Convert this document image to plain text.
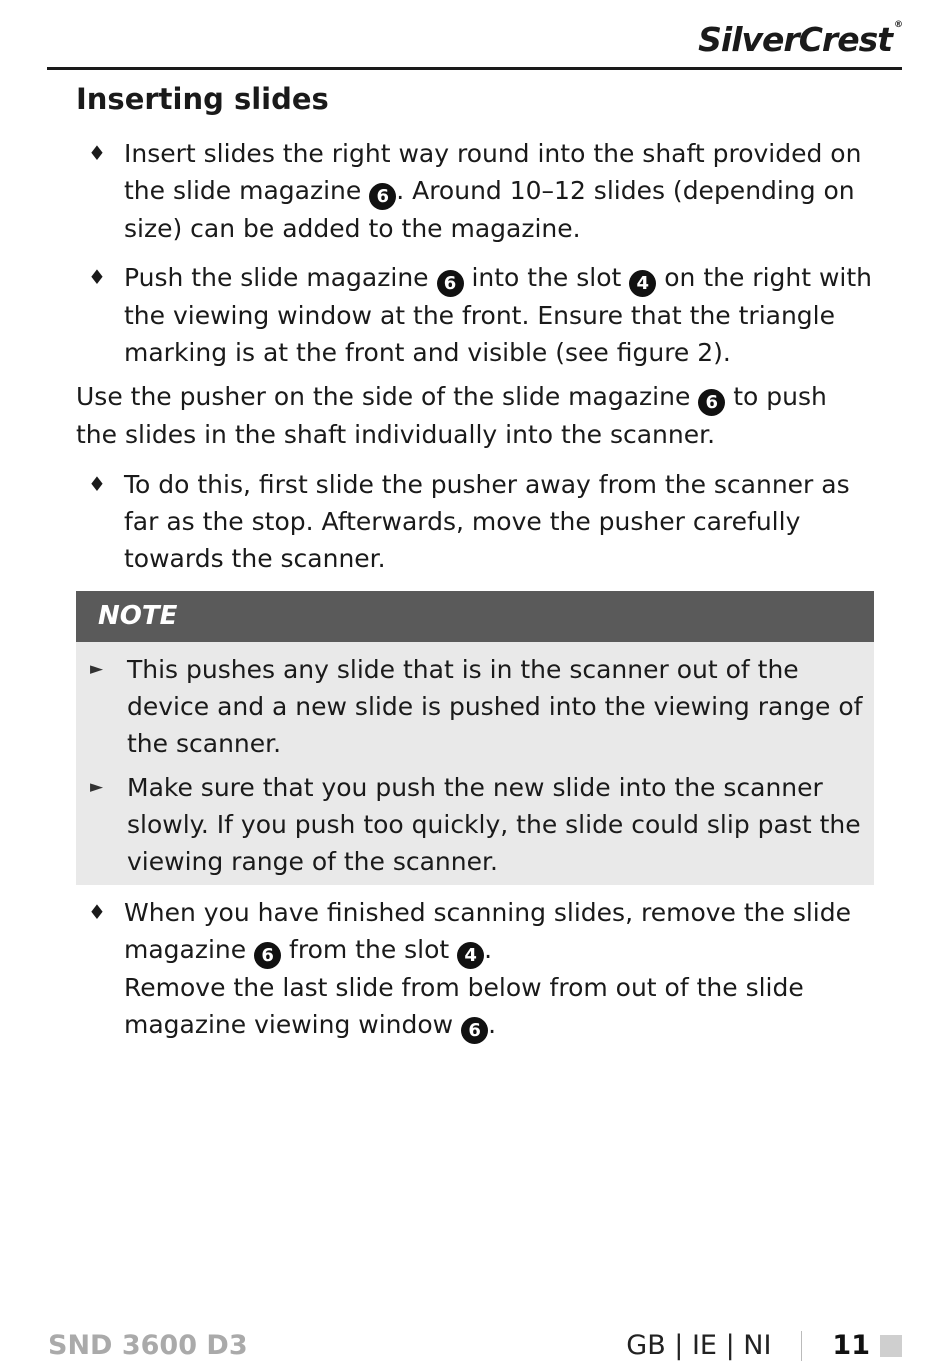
SilverCrest ®
Inserting slides
♦ Insert slides the right way round into the shaft provided on the slide magazine 6 . Around 10–12 slides (depending on size) can be added to the magazine.
♦ Push the slide magazine 6 into the slot 4 on the right with the viewing window at the front. Ensure that the triangle marking is at the front and visible (see figure 2).
Use the pusher on the side of the slide magazine 6 to push the slides in the shaft individually into the scanner.
♦ To do this, first slide the pusher away from the scanner as far as the stop. Afterwards, move the pusher carefully towards the scanner.
NOTE
► This pushes any slide that is in the scanner out of the device and a new slide is pushed into the viewing range of the scanner.
► Make sure that you push the new slide into the scanner slowly. If you push too quickly, the slide could slip past the viewing range of the scanner.
♦ When you have finished scanning slides, remove the slide magazine 6 from the slot 4 .
Remove the last slide from below from out of the slide magazine viewing window 6 .
SND 3600 D3	GB | IE | NI 11
